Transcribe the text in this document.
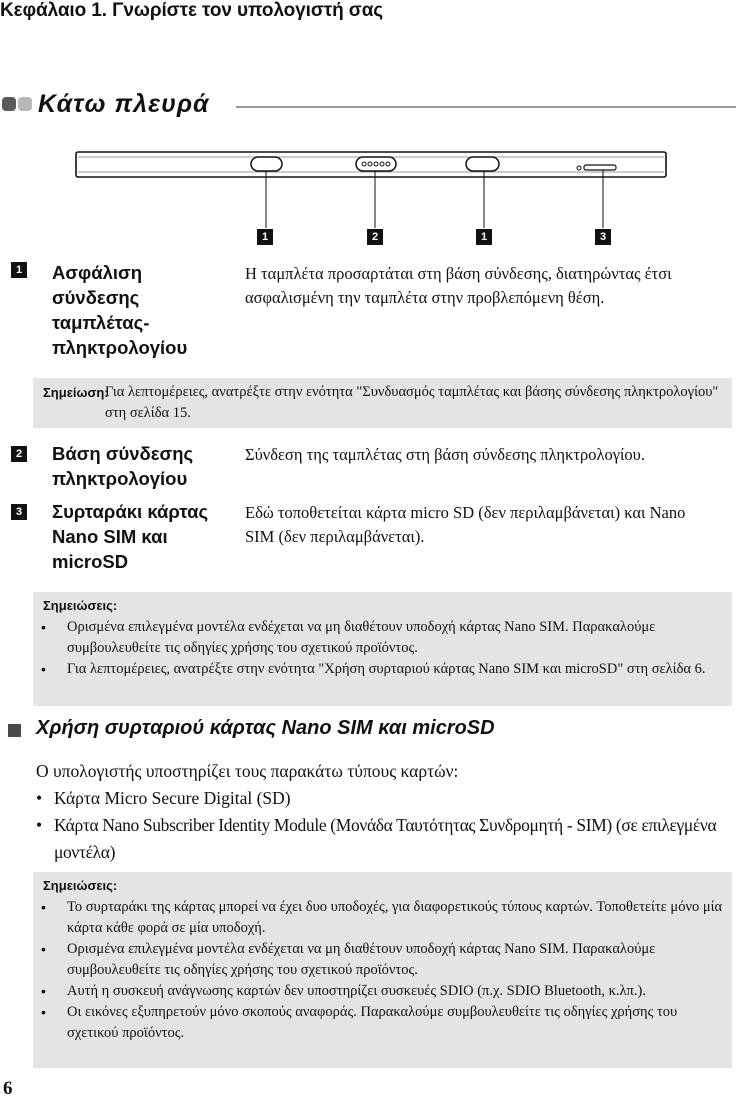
Κεφάλαιο 1. Γνωρίστε τον υπολογιστή σας
Κάτω πλευρά
1	2	1	3
1 Ασφάλιση σύνδεσης ταμπλέτας-πληκτρολογίου
Η ταμπλέτα προσαρτάται στη βάση σύνδεσης, διατηρώντας έτσι ασφαλισμένη την ταμπλέτα στην προβλεπόμενη θέση.
Σημείωση:
Για λεπτομέρειες, ανατρέξτε στην ενότητα "Συνδυασμός ταμπλέτας και βάσης σύνδεσης πληκτρολογίου" στη σελίδα 15.
2 Βάση σύνδεσης πληκτρολογίου
Σύνδεση της ταμπλέτας στη βάση σύνδεσης πληκτρολογίου.
3 Συρταράκι κάρτας Nano SIM και microSD
Εδώ τοποθετείται κάρτα micro SD (δεν περιλαμβάνεται) και Nano SIM (δεν περιλαμβάνεται).
Σημειώσεις:
• Ορισμένα επιλεγμένα μοντέλα ενδέχεται να μη διαθέτουν υποδοχή κάρτας Nano SIM. Παρακαλούμε συμβουλευθείτε τις οδηγίες χρήσης του σχετικού προϊόντος.
• Για λεπτομέρειες, ανατρέξτε στην ενότητα "Χρήση συρταριού κάρτας Nano SIM και microSD" στη σελίδα 6.
Χρήση συρταριού κάρτας Nano SIM και microSD
Ο υπολογιστής υποστηρίζει τους παρακάτω τύπους καρτών:
• Κάρτα Micro Secure Digital (SD)
• Κάρτα Nano Subscriber Identity Module (Μονάδα Ταυτότητας Συνδρομητή - SIM) (σε επιλεγμένα μοντέλα)
Σημειώσεις:
• Το συρταράκι της κάρτας μπορεί να έχει δυο υποδοχές, για διαφορετικούς τύπους καρτών. Τοποθετείτε μόνο μία κάρτα κάθε φορά σε μία υποδοχή.
• Ορισμένα επιλεγμένα μοντέλα ενδέχεται να μη διαθέτουν υποδοχή κάρτας Nano SIM. Παρακαλούμε συμβουλευθείτε τις οδηγίες χρήσης του σχετικού προϊόντος.
• Αυτή η συσκευή ανάγνωσης καρτών δεν υποστηρίζει συσκευές SDIO (π.χ. SDIO Bluetooth, κ.λπ.).
• Οι εικόνες εξυπηρετούν μόνο σκοπούς αναφοράς. Παρακαλούμε συμβουλευθείτε τις οδηγίες χρήσης του σχετικού προϊόντος.
6
